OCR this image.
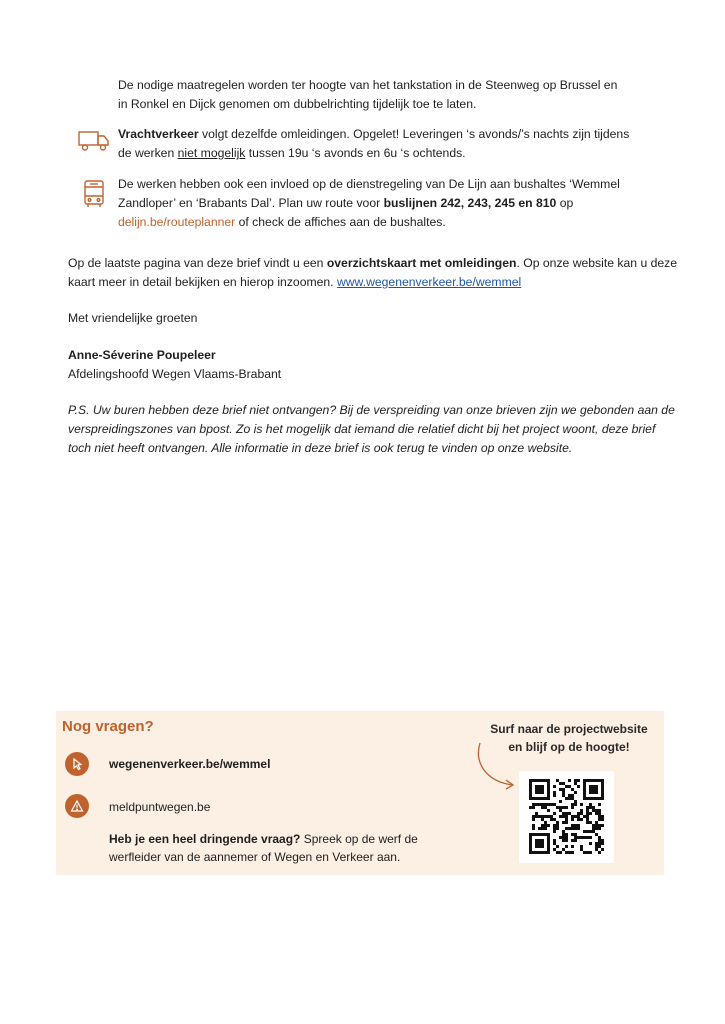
De nodige maatregelen worden ter hoogte van het tankstation in de Steenweg op Brussel en

in Ronkel en Dijck genomen om dubbelrichting tijdelijk toe te laten.

Vrachtverkeer volgt dezelfde omleidingen. Opgelet! Leveringen ‘s avonds/’s nachts zijn tijdens

de werken niet mogelijk tussen 19u ‘s avonds en 6u ‘s ochtends.

De werken hebben ook een invloed op de dienstregeling van De Lijn aan bushaltes ‘Wemmel

Zandloper’ en ‘Brabants Dal’. Plan uw route voor buslijnen 242, 243, 245 en 810 op

delijn.be/routeplanner of check de affiches aan de bushaltes.

Op de laatste pagina van deze brief vindt u een overzichtskaart met omleidingen. Op onze website kan u deze

kaart meer in detail bekijken en hierop inzoomen. www.wegenenverkeer.be/wemmel

Met vriendelijke groeten

Anne-Séverine Poupeleer

Afdelingshoofd Wegen Vlaams-Brabant

P.S. Uw buren hebben deze brief niet ontvangen? Bij de verspreiding van onze brieven zijn we gebonden aan de

verspreidingszones van bpost. Zo is het mogelijk dat iemand die relatief dicht bij het project woont, deze brief

toch niet heeft ontvangen. Alle informatie in deze brief is ook terug te vinden op onze website.

Nog vragen?
wegenenverkeer.be/wemmel
meldpuntwegen.be

Heb je een heel dringende vraag? Spreek op de werf de

werfleider van de aannemer of Wegen en Verkeer aan.

Surf naar de projectwebsite

en blijf op de hoogte!
